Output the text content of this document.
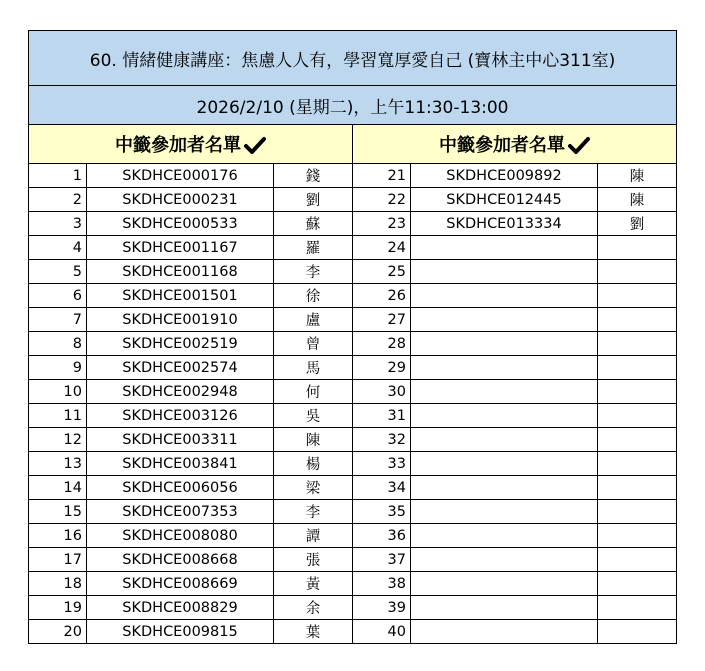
60. 情緒健康講座：焦慮人人有，學習寬厚愛自己 (寶林主中心311室)					
2026/2/10 (星期二)，上午11:30-13:00					
中籤參加者名單			中籤參加者名單		
1	SKDHCE000176	錢	21	SKDHCE009892	陳
2	SKDHCE000231	劉	22	SKDHCE012445	陳
3	SKDHCE000533	蘇	23	SKDHCE013334	劉
4	SKDHCE001167	羅	24		
5	SKDHCE001168	李	25		
6	SKDHCE001501	徐	26		
7	SKDHCE001910	盧	27		
8	SKDHCE002519	曾	28		
9	SKDHCE002574	馬	29		
10	SKDHCE002948	何	30		
11	SKDHCE003126	吳	31		
12	SKDHCE003311	陳	32		
13	SKDHCE003841	楊	33		
14	SKDHCE006056	梁	34		
15	SKDHCE007353	李	35		
16	SKDHCE008080	譚	36		
17	SKDHCE008668	張	37		
18	SKDHCE008669	黃	38		
19	SKDHCE008829	余	39		
20	SKDHCE009815	葉	40		
